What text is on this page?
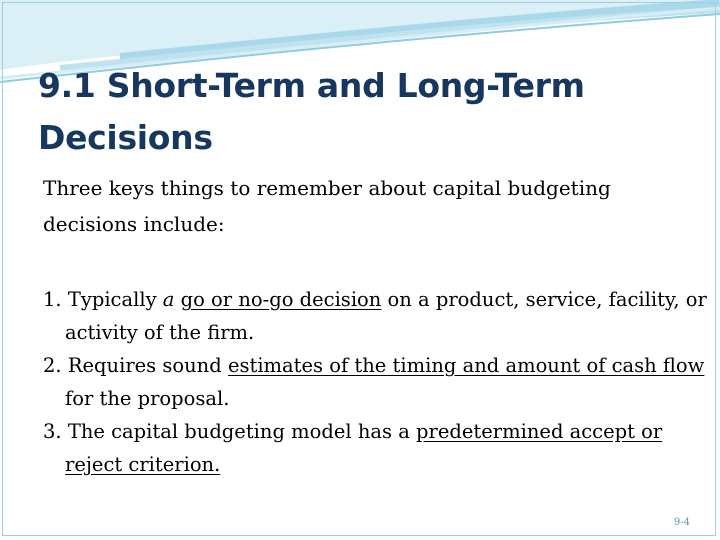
9.1 Short-Term and Long-Term Decisions

Three keys things to remember about capital budgeting decisions include:

1. Typically a go or no-go decision on a product, service, facility, or activity of the firm.
2. Requires sound estimates of the timing and amount of cash flow for the proposal.
3. The capital budgeting model has a predetermined accept or reject criterion.
9-4
